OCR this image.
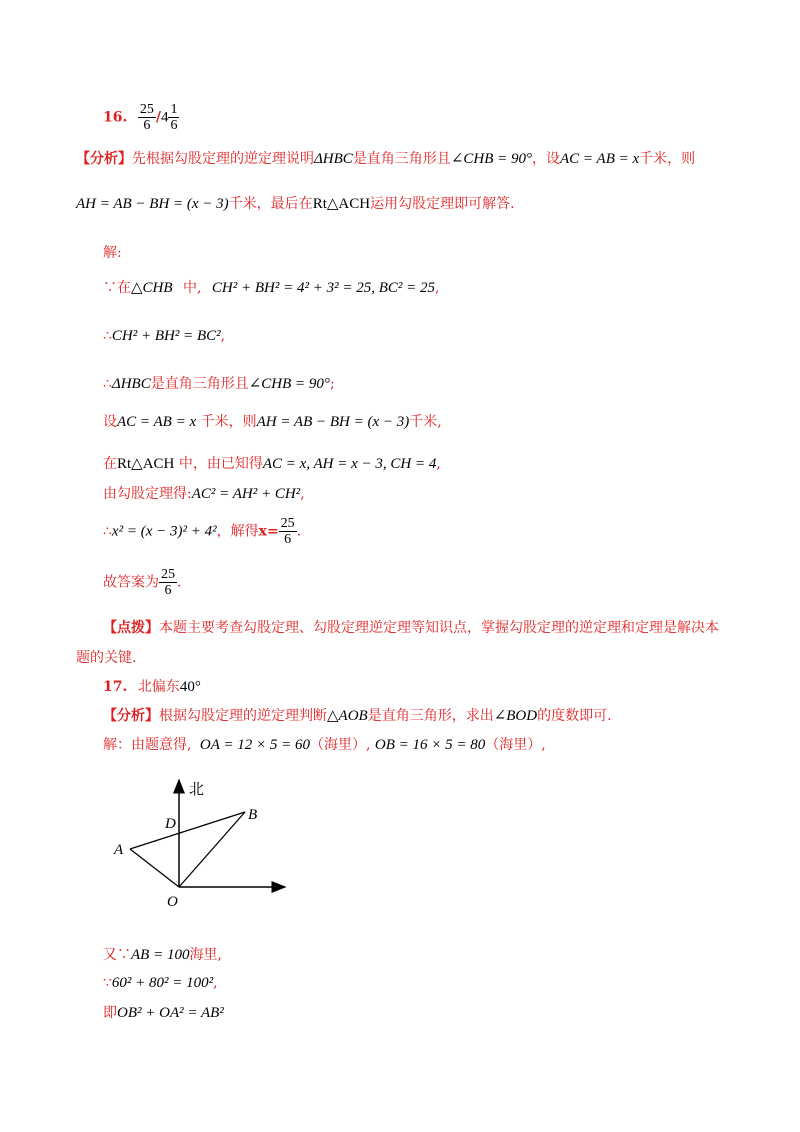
16. $\frac{25}{6} /4 \frac{1}{6}$
【分析】先根据勾股定理的逆定理说明ΔHBC是直角三角形且∠CHB = 90°，设AC = AB = x千米，则
AH = AB − BH = (x − 3)千米，最后在Rt△ACH运用勾股定理即可解答.
解:
∵在△CHB 中, CH² + BH² = 4² + 3² = 25, BC² = 25,
∴CH² + BH² = BC²,
∴ΔHBC是直角三角形且∠CHB = 90°;
设AC = AB = x 千米，则AH = AB − BH = (x − 3)千米,
在Rt△ACH 中，由已知得AC = x, AH = x − 3, CH = 4,
由勾股定理得:AC² = AH² + CH²,
∴x² = (x − 3)² + 4²，解得$x= \frac{25}{6}$ .
故答案为 $\frac{25}{6}$ .
【点拨】本题主要考查勾股定理、勾股定理逆定理等知识点，掌握勾股定理的逆定理和定理是解决本
题的关键.
17. 北偏东40°
【分析】根据勾股定理的逆定理判断△AOB是直角三角形，求出∠BOD的度数即可.
解：由题意得, OA = 12 × 5 = 60（海里）, OB = 16 × 5 = 80（海里）,
北
A
B
D
O
又∵AB = 100海里,
∵60² + 80² = 100²,
即OB² + OA² = AB²
